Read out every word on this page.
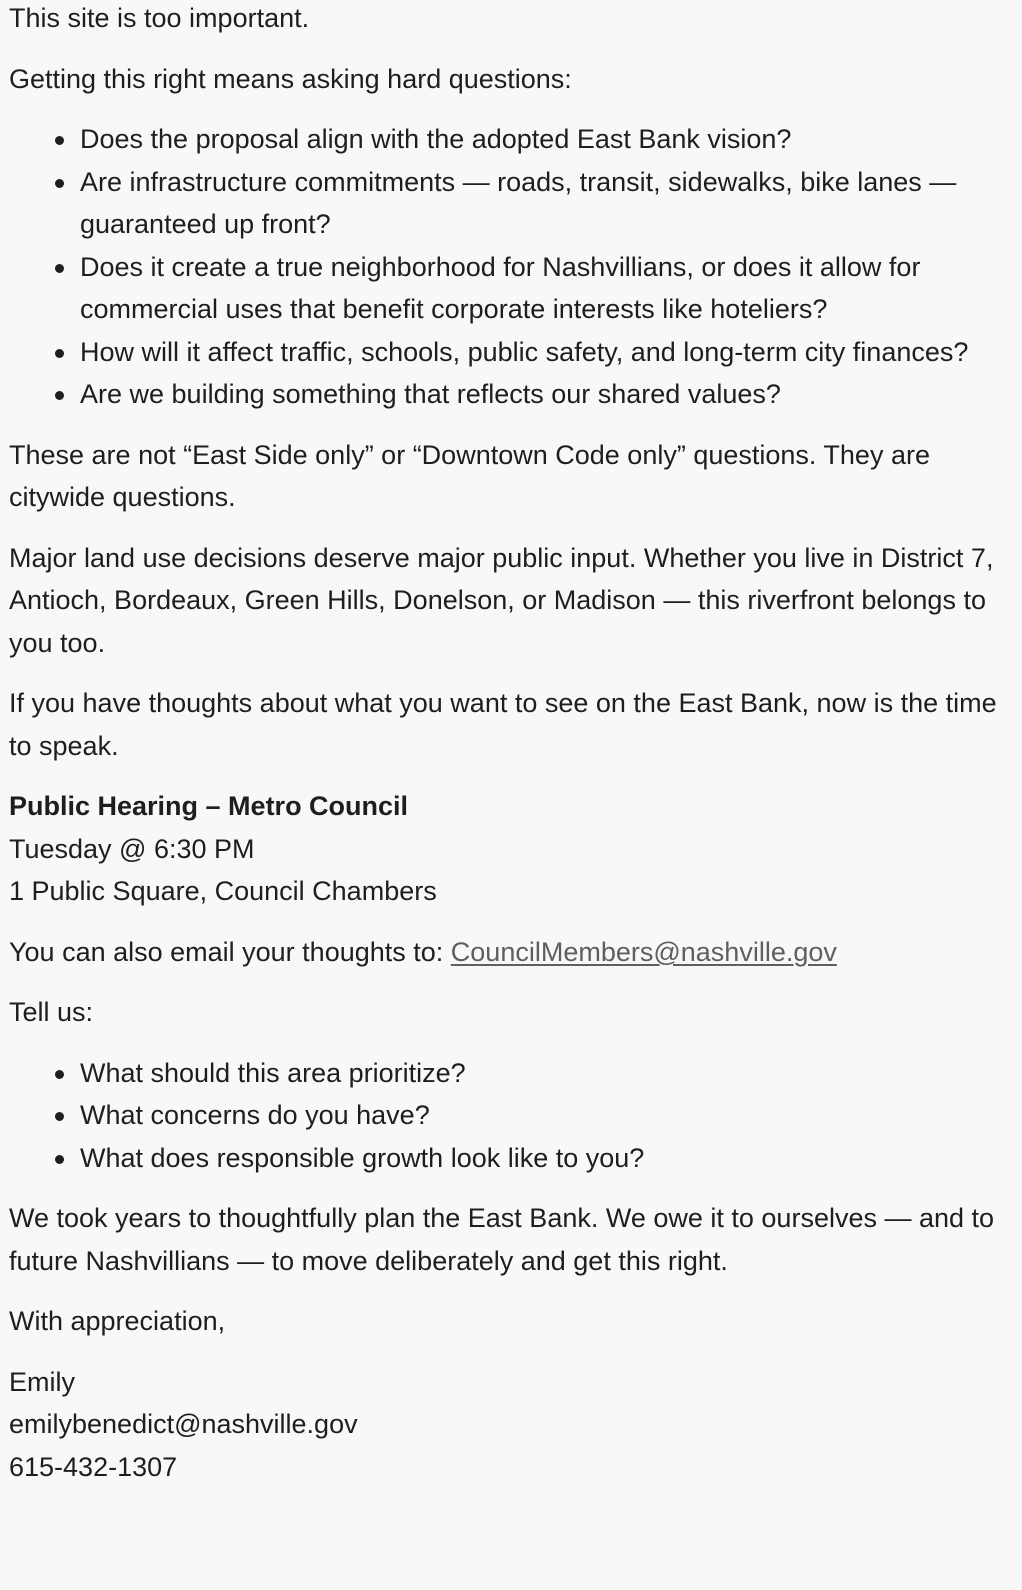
This site is too important.

Getting this right means asking hard questions:

Does the proposal align with the adopted East Bank vision?
Are infrastructure commitments — roads, transit, sidewalks, bike lanes — guaranteed up front?
Does it create a true neighborhood for Nashvillians, or does it allow for commercial uses that benefit corporate interests like hoteliers?
How will it affect traffic, schools, public safety, and long-term city finances?
Are we building something that reflects our shared values?

These are not “East Side only” or “Downtown Code only” questions. They are citywide questions.

Major land use decisions deserve major public input. Whether you live in District 7, Antioch, Bordeaux, Green Hills, Donelson, or Madison — this riverfront belongs to you too.

If you have thoughts about what you want to see on the East Bank, now is the time to speak.

Public Hearing – Metro Council
Tuesday @ 6:30 PM
1 Public Square, Council Chambers

You can also email your thoughts to: CouncilMembers@nashville.gov

Tell us:

What should this area prioritize?
What concerns do you have?
What does responsible growth look like to you?

We took years to thoughtfully plan the East Bank. We owe it to ourselves — and to future Nashvillians — to move deliberately and get this right.

With appreciation,

Emily
emilybenedict@nashville.gov
615-432-1307
